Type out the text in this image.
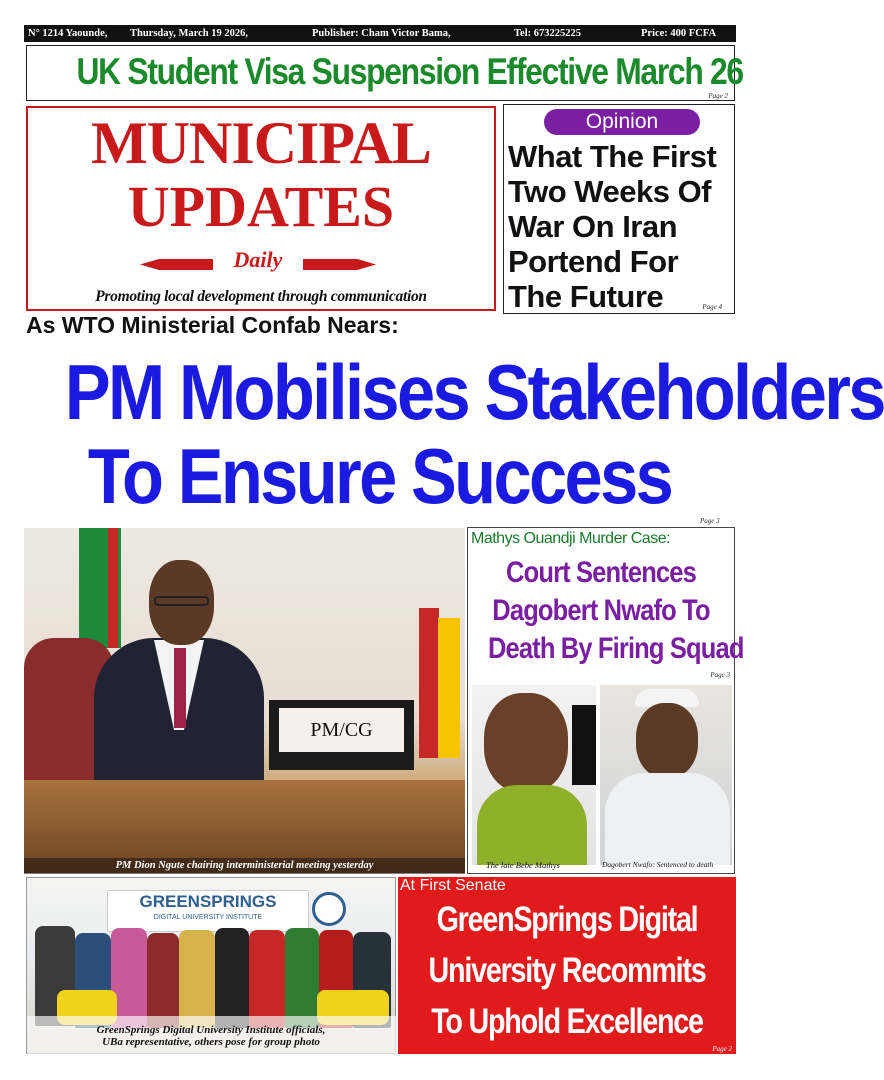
N° 1214 Yaounde, Thursday, March 19 2026,	Publisher: Cham Victor Bama,	Tel: 673225225	Price: 400 FCFA
UK Student Visa Suspension Effective March 26
Page 2
MUNICIPAL
UPDATES
Daily
Promoting local development through communication
Opinion
What The First Two Weeks Of War On Iran Portend For The Future	Page 4
As WTO Ministerial Confab Nears:
PM Mobilises Stakeholders
To Ensure Success
Page 3
PM/CG
PM Dion Ngute chairing interministerial meeting yesterday
Mathys Ouandji Murder Case:
Court Sentences
Dagobert Nwafo To
Death By Firing Squad
Page 3
The late Bebe Mathys	Dagobert Nwafo: Sentenced to death
GREENSPRINGS
DIGITAL UNIVERSITY INSTITUTE
GreenSprings Digital University Institute officials,
UBa representative, others pose for group photo
At First Senate
GreenSprings Digital
University Recommits
To Uphold Excellence
Page 2
